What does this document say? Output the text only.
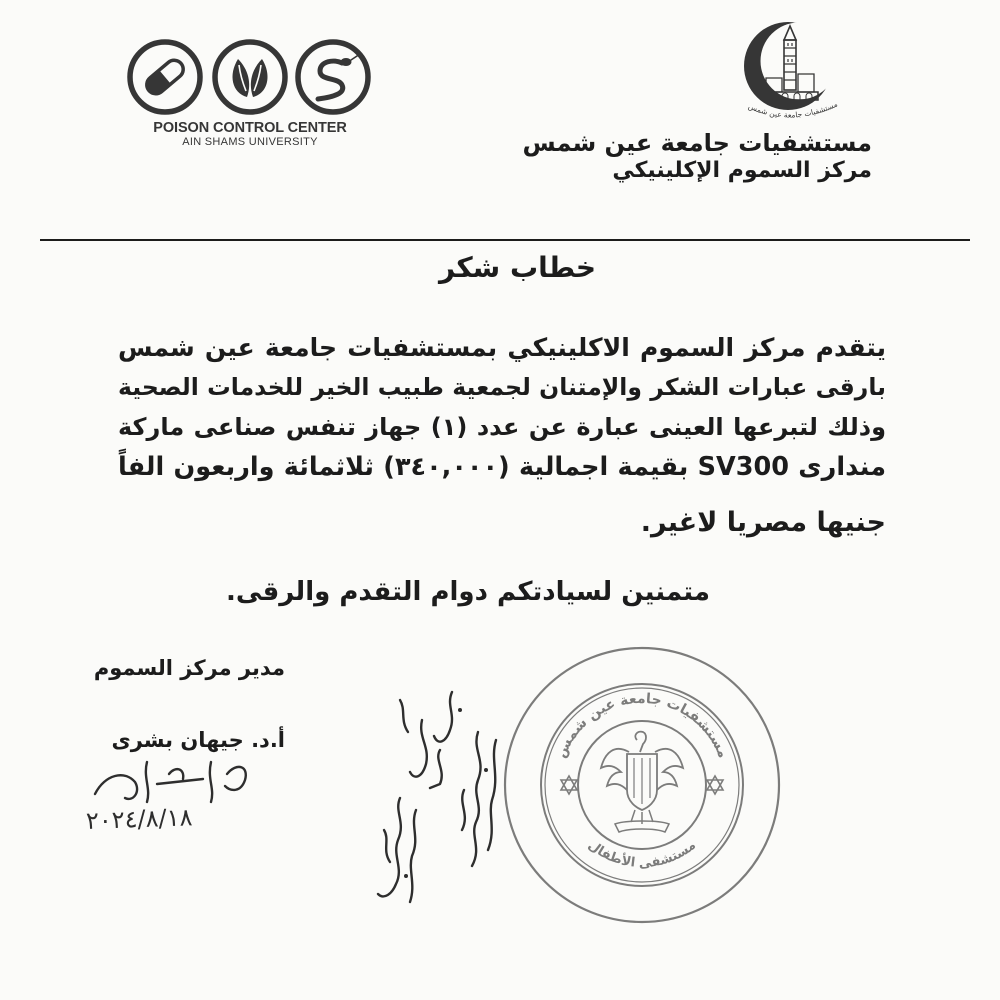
POISON CONTROL CENTER
AIN SHAMS UNIVERSITY
مستشفيات جامعة عين شمس
مستشفيات جامعة عين شمس
مركز السموم الإكلينيكي
خطاب شكر
يتقدم مركز السموم الاكلينيكي بمستشفيات جامعة عين شمس
بارقى عبارات الشكر والإمتنان لجمعية طبيب الخير للخدمات الصحية
وذلك لتبرعها العينى عبارة عن عدد (١) جهاز تنفس صناعى ماركة
مندارى SV300 بقيمة اجمالية (٣٤٠,٠٠٠) ثلاثمائة واربعون الفاً
جنيها مصريا لاغير.
متمنين لسيادتكم دوام التقدم والرقى.
مدير مركز السموم
أ.د. جيهان بشرى
٢٠٢٤/٨/١٨
مستشفيات جامعة عين شمس
مستشفى الأطفال
